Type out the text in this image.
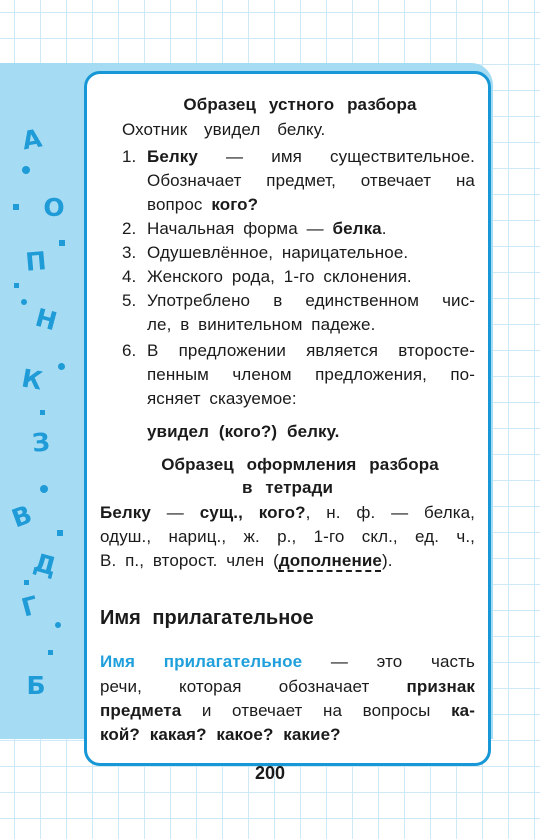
А
О
П
Н
К
З
В
Д
Г
Б
Образец устного разбора
Охотник увидел белку.
1. Белку — имя существительное.
Обозначает предмет, отвечает на
вопрос кого?
2. Начальная форма — белка.
3. Одушевлённое, нарицательное.
4. Женского рода, 1-го склонения.
5. Употреблено в единственном чис-
ле, в винительном падеже.
6. В предложении является второсте-
пенным членом предложения, по-
ясняет сказуемое:
увидел (кого?) белку.
Образец оформления разбора
в тетради
Белку — сущ., кого?, н. ф. — белка,
одуш., нариц., ж. р., 1-го скл., ед. ч.,
В. п., второст. член (дополнение).
Имя прилагательное
Имя прилагательное — это часть
речи, которая обозначает признак
предмета и отвечает на вопросы ка-
кой? какая? какое? какие?
200
